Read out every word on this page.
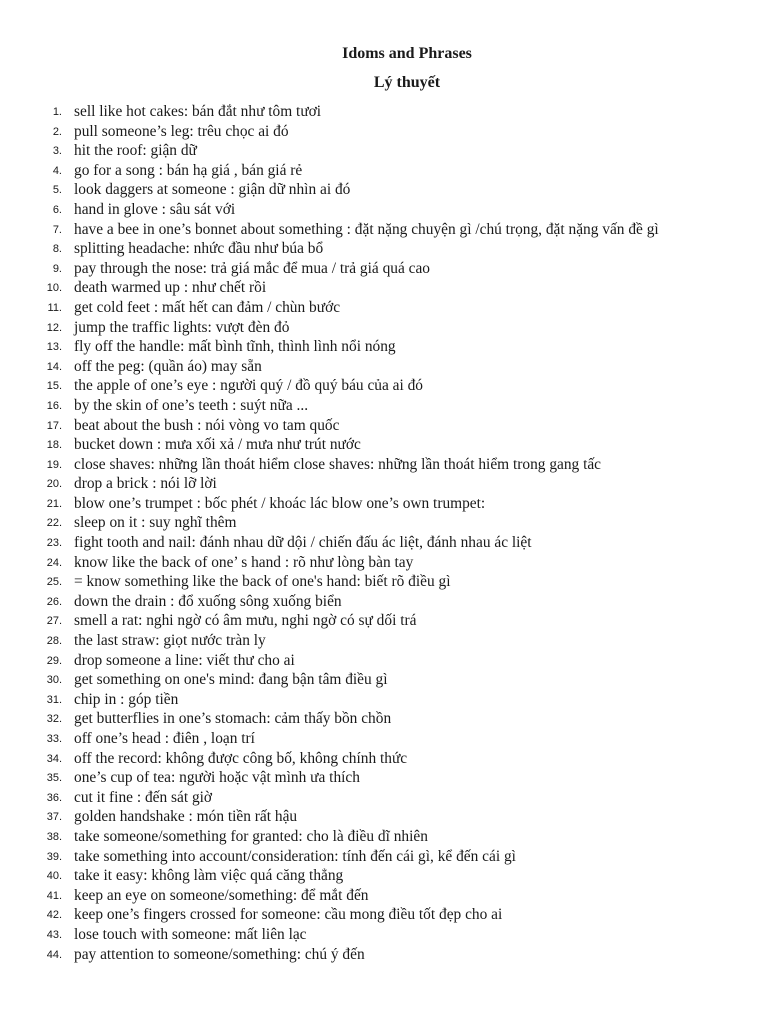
Idoms and Phrases
Lý thuyết
1. sell like hot cakes: bán đắt như tôm tươi
2. pull someone’s leg: trêu chọc ai đó
3. hit the roof: giận dữ
4. go for a song : bán hạ giá , bán giá rẻ
5. look daggers at someone : giận dữ nhìn ai đó
6. hand in glove : sâu sát với
7. have a bee in one’s bonnet about something : đặt nặng chuyện gì /chú trọng, đặt nặng vấn đề gì
8. splitting headache: nhức đầu như búa bổ
9. pay through the nose: trả giá mắc để mua / trả giá quá cao
10. death warmed up : như chết rồi
11. get cold feet : mất hết can đảm / chùn bước
12. jump the traffic lights: vượt đèn đỏ
13. fly off the handle: mất bình tĩnh, thình lình nổi nóng
14. off the peg: (quần áo) may sẵn
15. the apple of one’s eye : người quý / đồ quý báu của ai đó
16. by the skin of one’s teeth : suýt nữa ...
17. beat about the bush : nói vòng vo tam quốc
18. bucket down : mưa xối xả / mưa như trút nước
19. close shaves: những lần thoát hiểm close shaves: những lần thoát hiểm trong gang tấc
20. drop a brick : nói lỡ lời
21. blow one’s trumpet : bốc phét / khoác lác blow one’s own trumpet:
22. sleep on it : suy nghĩ thêm
23. fight tooth and nail: đánh nhau dữ dội / chiến đấu ác liệt, đánh nhau ác liệt
24. know like the back of one’ s hand : rõ như lòng bàn tay
25. = know something like the back of one's hand: biết rõ điều gì
26. down the drain : đổ xuống sông xuống biển
27. smell a rat: nghi ngờ có âm mưu, nghi ngờ có sự dối trá
28. the last straw: giọt nước tràn ly
29. drop someone a line: viết thư cho ai
30. get something on one's mind: đang bận tâm điều gì
31. chip in : góp tiền
32. get butterflies in one’s stomach: cảm thấy bồn chồn
33. off one’s head : điên , loạn trí
34. off the record: không được công bố, không chính thức
35. one’s cup of tea: người hoặc vật mình ưa thích
36. cut it fine : đến sát giờ
37. golden handshake : món tiền rất hậu
38. take someone/something for granted: cho là điều dĩ nhiên
39. take something into account/consideration: tính đến cái gì, kể đến cái gì
40. take it easy: không làm việc quá căng thẳng
41. keep an eye on someone/something: để mắt đến
42. keep one’s fingers crossed for someone: cầu mong điều tốt đẹp cho ai
43. lose touch with someone: mất liên lạc
44. pay attention to someone/something: chú ý đến
